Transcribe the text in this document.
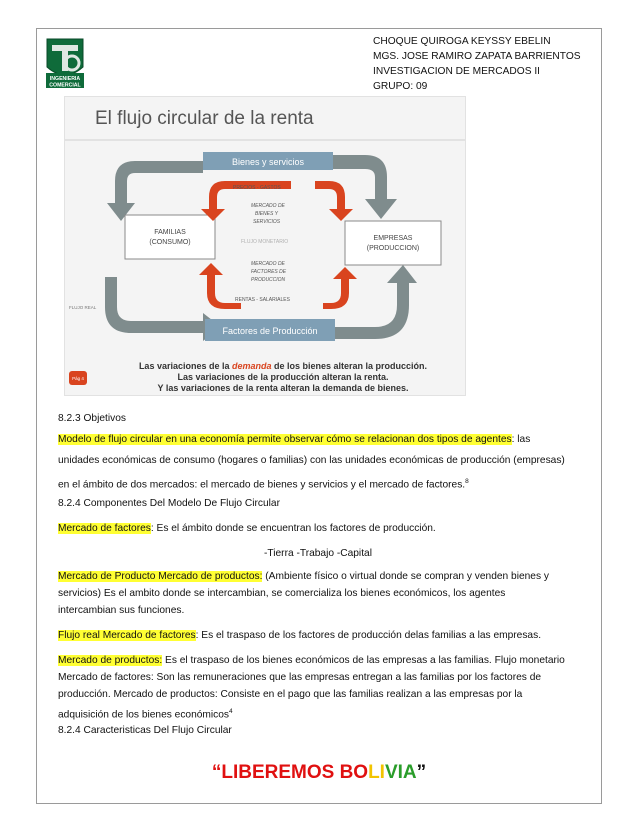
INGENIERIA
COMERCIAL
CHOQUE QUIROGA KEYSSY EBELIN
MGS. JOSE RAMIRO ZAPATA BARRIENTOS
INVESTIGACION DE MERCADOS II
GRUPO: 09
El flujo circular de la renta
Bienes y servicios
Factores de Producción
FAMILIAS
(CONSUMO)
EMPRESAS
(PRODUCCION)
PRECIOS - GASTOS
MERCADO DE
BIENES Y
SERVICIOS
FLUJO MONETARIO
MERCADO DE
FACTORES DE
PRODUCCION
RENTAS - SALARIALES
FLUJO REAL
Las variaciones de la demanda de los bienes alteran la producción.
Las variaciones de la producción alteran la renta.
Y las variaciones de la renta alteran la demanda de bienes.
Pág 4
8.2.3 Objetivos
Modelo de flujo circular en una economía permite observar cómo se relacionan dos tipos de agentes: las
unidades económicas de consumo (hogares o familias) con las unidades económicas de producción (empresas)
en el ámbito de dos mercados: el mercado de bienes y servicios y el mercado de factores.$^8$
8.2.4 Componentes Del Modelo De Flujo Circular
Mercado de factores: Es el ámbito donde se encuentran los factores de producción.
-Tierra -Trabajo -Capital
Mercado de Producto Mercado de productos: (Ambiente físico o virtual donde se compran y venden bienes y
servicios) Es el ambito donde se intercambian, se comercializa los bienes económicos, los agentes
intercambian sus funciones.
Flujo real Mercado de factores: Es el traspaso de los factores de producción delas familias a las empresas.
Mercado de productos: Es el traspaso de los bienes económicos de las empresas a las familias. Flujo monetario
Mercado de factores: Son las remuneraciones que las empresas entregan a las familias por los factores de
producción. Mercado de productos: Consiste en el pago que las familias realizan a las empresas por la
adquisición de los bienes económicos$^4$
8.2.4 Caracteristicas Del Flujo Circular
“LIBEREMOS BOLIVIA”
